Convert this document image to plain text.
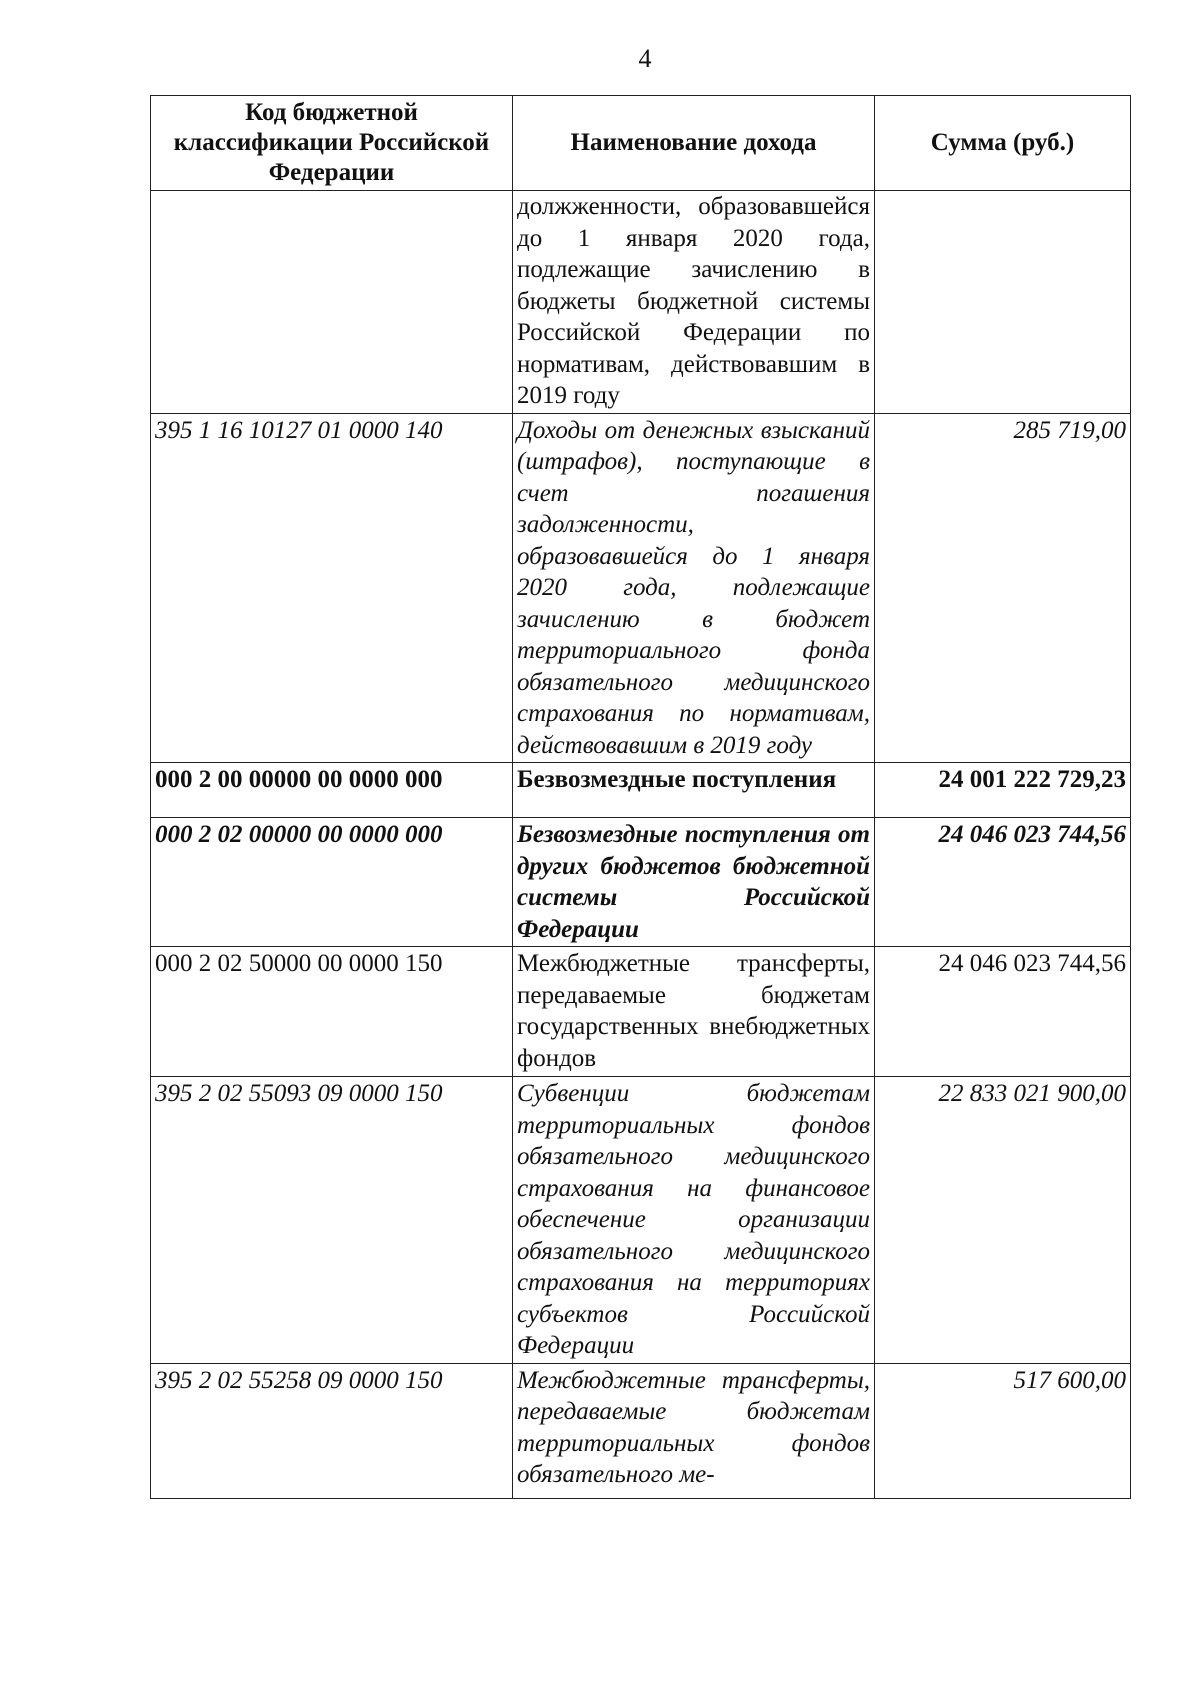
4
Код бюджетной классификации Российской Федерации	Наименование дохода	Сумма (руб.)
	должженности, образовавшейся до 1 января 2020 года, подлежащие зачислению в бюджеты бюджетной системы Российской Федерации по нормативам, действовавшим в 2019 году	
395 1 16 10127 01 0000 140	Доходы от денежных взысканий (штрафов), поступающие в счет погашения задолженности, образовавшейся до 1 января 2020 года, подлежащие зачислению в бюджет территориального фонда обязательного медицинского страхования по нормативам, действовавшим в 2019 году	285 719,00
000 2 00 00000 00 0000 000	Безвозмездные поступления	24 001 222 729,23
000 2 02 00000 00 0000 000	Безвозмездные поступления от других бюджетов бюджетной системы Российской Федерации	24 046 023 744,56
000 2 02 50000 00 0000 150	Межбюджетные трансферты, передаваемые бюджетам государственных внебюджетных фондов	24 046 023 744,56
395 2 02 55093 09 0000 150	Субвенции бюджетам территориальных фондов обязательного медицинского страхования на финансовое обеспечение организации обязательного медицинского страхования на территориях субъектов Российской Федерации	22 833 021 900,00
395 2 02 55258 09 0000 150	Межбюджетные трансферты, передаваемые бюджетам территориальных фондов обязательного ме-	517 600,00
